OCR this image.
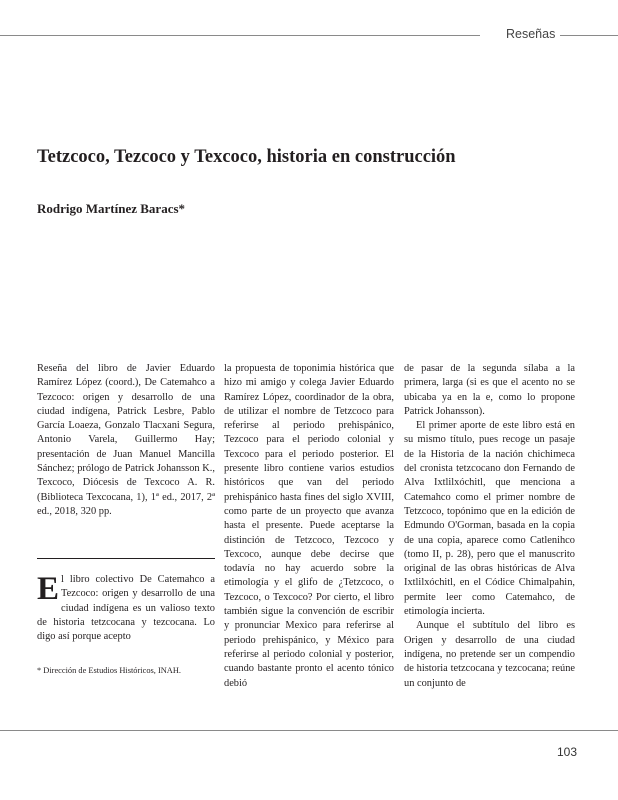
Reseñas
Tetzcoco, Tezcoco y Texcoco, historia en construcción
Rodrigo Martínez Baracs*

Reseña del libro de Javier Eduardo Ramírez López (coord.), De Catemahco a Tezcoco: origen y desarrollo de una ciudad indígena, Patrick Lesbre, Pablo García Loaeza, Gonzalo Tlacxani Segura, Antonio Varela, Guillermo Hay; presentación de Juan Manuel Mancilla Sánchez; prólogo de Patrick Johansson K., Texcoco, Diócesis de Texcoco A. R. (Biblioteca Texcocana, 1), 1ª ed., 2017, 2ª ed., 2018, 320 pp.

El libro colectivo De Catemahco a Tezcoco: origen y desarrollo de una ciudad indígena es un valioso texto de historia tetzcocana y tezcocana. Lo digo así porque acepto
* Dirección de Estudios Históricos, INAH.

la propuesta de toponimia histórica que hizo mi amigo y colega Javier Eduardo Ramírez López, coordinador de la obra, de utilizar el nombre de Tetzcoco para referirse al periodo prehispánico, Tezcoco para el periodo colonial y Texcoco para el periodo posterior. El presente libro contiene varios estudios históricos que van del periodo prehispánico hasta fines del siglo XVIII, como parte de un proyecto que avanza hasta el presente. Puede aceptarse la distinción de Tetzcoco, Tezcoco y Texcoco, aunque debe decirse que todavía no hay acuerdo sobre la etimología y el glifo de ¿Tetzcoco, o Tezcoco, o Texcoco? Por cierto, el libro también sigue la convención de escribir y pronunciar Mexico para referirse al periodo prehispánico, y México para referirse al periodo colonial y posterior, cuando bastante pronto el acento tónico debió

de pasar de la segunda sílaba a la primera, larga (si es que el acento no se ubicaba ya en la e, como lo propone Patrick Johansson).

El primer aporte de este libro está en su mismo título, pues recoge un pasaje de la Historia de la nación chichimeca del cronista tetzcocano don Fernando de Alva Ixtlilxóchitl, que menciona a Catemahco como el primer nombre de Tetzcoco, topónimo que en la edición de Edmundo O'Gorman, basada en la copia de una copia, aparece como Catlenihco (tomo II, p. 28), pero que el manuscrito original de las obras históricas de Alva Ixtlilxóchitl, en el Códice Chimalpahin, permite leer como Catemahco, de etimología incierta.

Aunque el subtítulo del libro es Origen y desarrollo de una ciudad indígena, no pretende ser un compendio de historia tetzcocana y tezcocana; reúne un conjunto de

103
